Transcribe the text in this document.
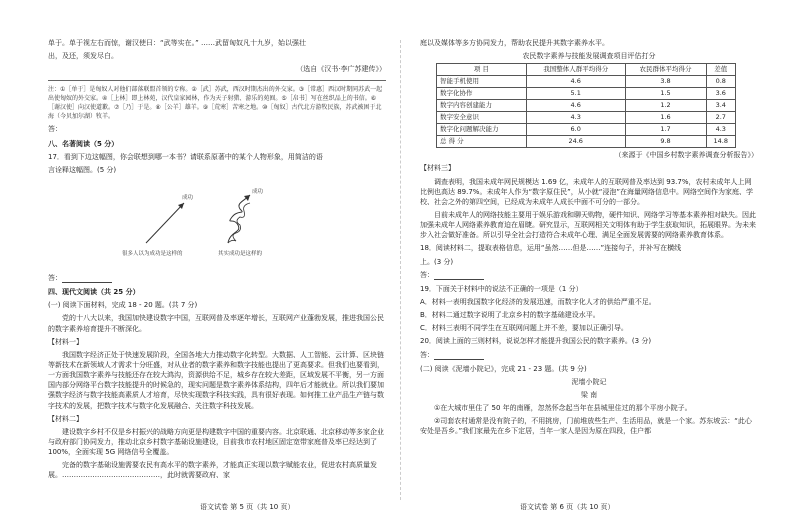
单于。单于视左右而惊，谢汉使曰：“武等实在。” ……武留匈奴凡十九岁，始以强壮

出，及还，须发尽白。

（选自《汉书·李广苏建传》）

注：①［单于］是匈奴人对他们部落联盟首领的专称。②［武］苏武，西汉时期杰出的外交家。③［常惠］西汉时期同苏武一起出使匈奴的外交家。④［上林］即上林苑，汉代皇家园林，作为天子射猎、游乐的苑囿。⑤［帛书］写在丝织品上的书信。⑥［谢汉使］向汉使道歉。⑦［乃］于是。⑧［公羊］雄羊。⑨［荒寒］苦寒之地。⑩［匈奴］古代北方游牧民族，苏武被困于北海（今贝加尔湖）牧羊。

答：

八、名著阅读（5 分）

17．看到下边这幅图，你会联想到哪一本书？请联系原著中的某个人物形象，用简洁的语

言诠释这幅图。(5 分)

成功
成功
很多人以为成功是这样的	其实成功是这样的

答：

四、现代文阅读（共 25 分）

(一) 阅读下面材料，完成 18 - 20 题。(共 7 分)

党的十八大以来，我国加快建设数字中国，互联网普及率逐年增长，互联网产业蓬勃发展，推进我国公民的数字素养培育提升不断深化。

【材料一】

我国数字经济正处于快速发展阶段，全国各地大力推动数字化转型。大数据、人工智能、云计算、区块链等新技术在新领域人才需求十分旺盛，对从业者的数字素养和数字技能也提出了更高要求。但我们也要看到，一方面我国数字素养与技能还存在较大鸿沟，资源供给不足，城乡存在较大差距，区域发展不平衡，另一方面国内部分网络平台数字技能提升的时候急的，现实问题是数字素养体系结构，四年后才能就业。所以我们要加强数字经济与数字技能高素质人才培育，尽快实现数字科技实践，具有很好表现。如何推工业产品生产链与数字技术的发展，把数字技术与数字化发展融合、关注数字科技发展。

【材料二】

建设数字乡村不仅是乡村振兴的战略方向更是构建数字中国的重要内容。北京联通、北京移动等多家企业与政府部门协同发力，推动北京乡村数字基础设施建设，目前我市农村地区固定宽带家庭普及率已经达到了 100%，全面实现 5G 网络信号全覆盖。

完备的数字基础设施需要农民有高水平的数字素养，才能真正实现以数字赋能农业，促进农村高质量发展。……………………………………，此时就需要政府、家

庭以及媒体等多方协同发力，帮助农民提升其数字素养水平。

农民数字素养与技能发展调查项目评估打分

项 目	我国整体人群平均得分	农民群体平均得分	差值
智能手机使用	4.6	3.8	0.8
数字化协作	5.1	1.5	3.6
数字内容创建能力	4.6	1.2	3.4
数字安全意识	4.3	1.6	2.7
数字化问题解决能力	6.0	1.7	4.3
总 得 分	24.6	9.8	14.8

（来源于《中国乡村数字素养调查分析报告》）

【材料三】

调查表明，我国未成年网民规模达 1.69 亿，未成年人的互联网普及率达到 93.7%，农村未成年人上网比例也高达 89.7%。未成年人作为“数字原住民”，从小就“浸泡”在海量网络信息中。网络空间作为家庭、学校、社会之外的第四空间，已经成为未成年人成长中面不可分的一部分。

目前未成年人的网络技能主要用于娱乐游戏和聊天购物，硬件知识、网络学习等基本素养相对缺失。因此加强未成年人网络素养教育迫在眉睫。研究显示，互联网相关文明体有助于学生获取知识，拓展眼界。为未来步入社会做好准备。所以引导全社会打造符合未成年心理、满足全面发展需要的网络素养教育体系。

18．阅读材料二，提取表格信息，运用“虽然……但是……”连接句子，并补写在横线

上。(3 分)

答：

19．下面关于材料中的说法不正确的一项是（1 分）

A．材料一表明我国数字化经济的发展迅速，而数字化人才的供给严重不足。

B．材料二通过数字说明了北京乡村的数字基础建设水平。

C．材料三表明不同学生在互联网问题上并不差，要加以正确引导。

20．阅读上面的三则材料，说说怎样才能提升我国公民的数字素养。(3 分)

答：

(二) 阅读《泥墙小院记》，完成 21 - 23 题。(共 9 分)

泥墙小院记

梁 南

①在大城市里住了 50 年的南雁，忽然怀念起当年在县城里住过的那个平房小院子。

②司套农村通常是没有院子的，不用挑房，门前堆放些生产、生活用品，就是一个家。苏东坡云：“此心安处是吾乡。”我们家最先在乡下定居，当年一家人是因为原在四段，住户都

语文试卷 第 5 页（共 10 页）	语文试卷 第 6 页（共 10 页）
